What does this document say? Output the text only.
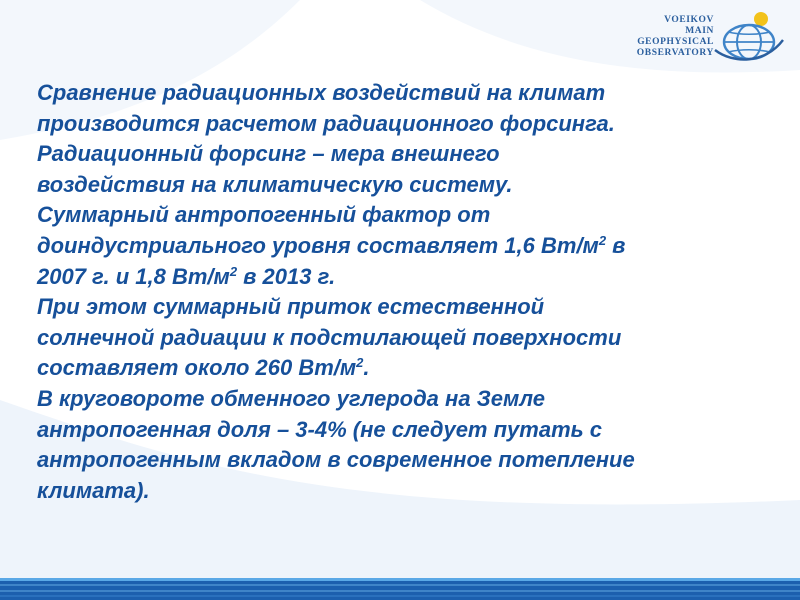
VOEIKOV
MAIN
GEOPHYSICAL
OBSERVATORY
Сравнение радиационных воздействий на климат
производится расчетом радиационного форсинга.
Радиационный форсинг – мера внешнего
воздействия на климатическую систему.
Суммарный антропогенный фактор от
доиндустриального уровня составляет 1,6 $Вт/м^2$ в
2007 г. и 1,8 $Вт/м^2$ в 2013 г.
При этом суммарный приток естественной
солнечной радиации к подстилающей поверхности
составляет около 260 $Вт/м^2$.
В круговороте обменного углерода на Земле
антропогенная доля – 3-4% (не следует путать с
антропогенным вкладом в современное потепление
климата).
